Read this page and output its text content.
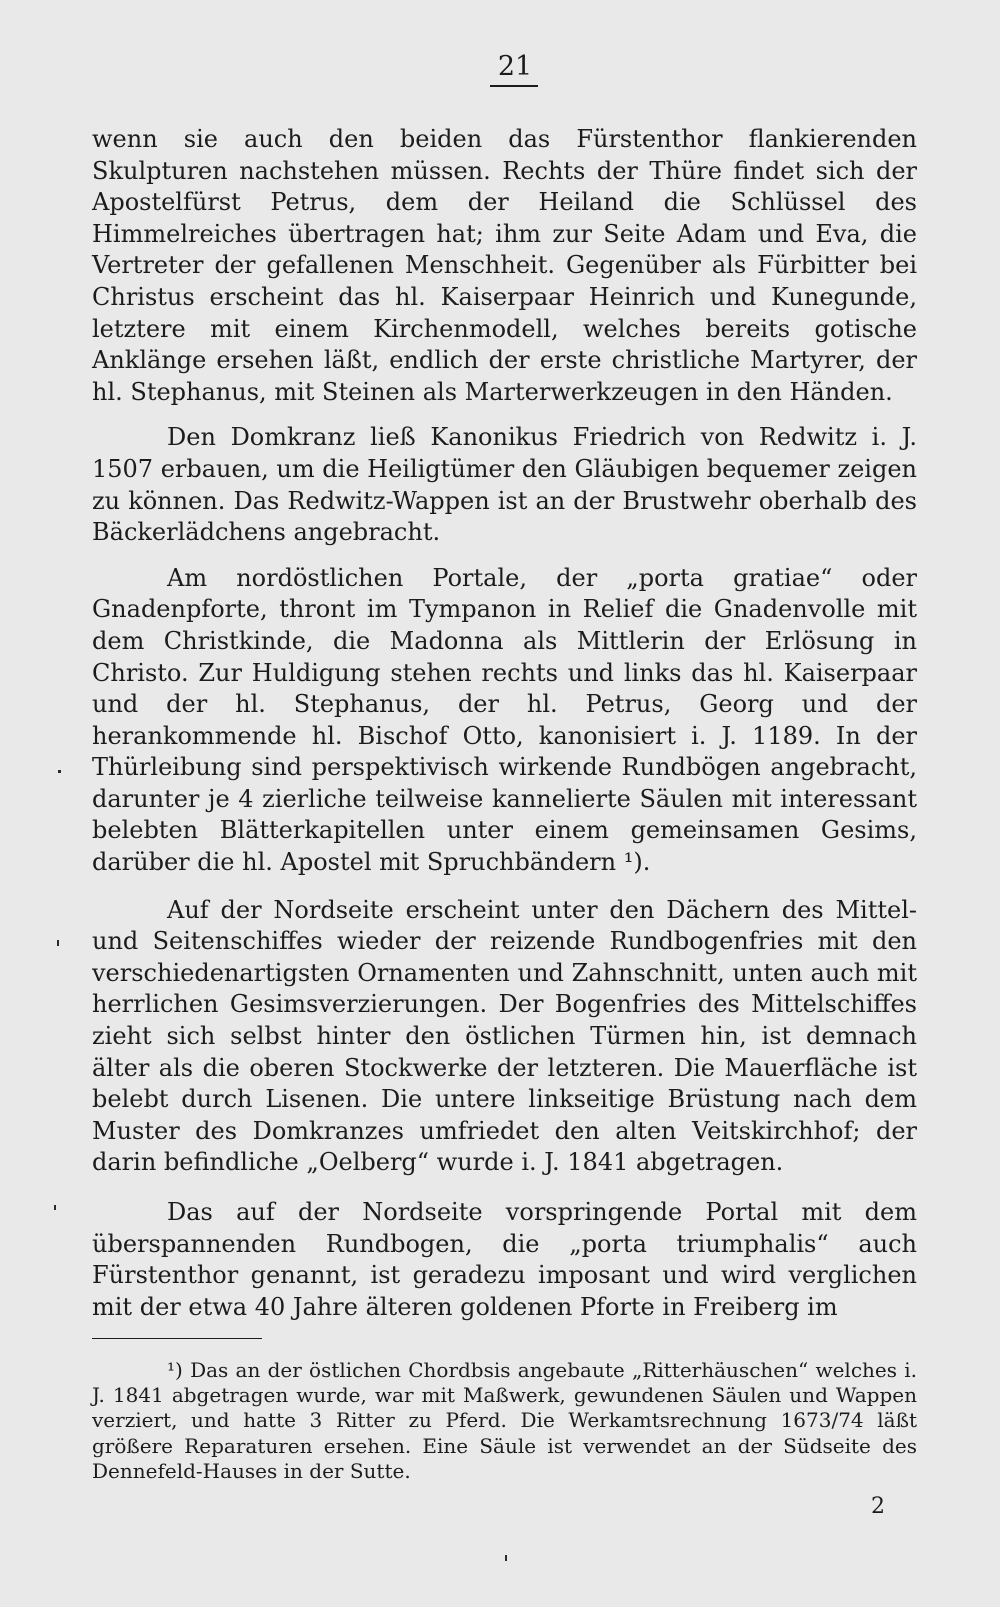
21

wenn sie auch den beiden das Fürstenthor flankierenden Skulpturen nachstehen müssen. Rechts der Thüre findet sich der Apostelfürst Petrus, dem der Heiland die Schlüssel des Himmelreiches übertragen hat; ihm zur Seite Adam und Eva, die Vertreter der gefallenen Menschheit. Gegenüber als Fürbitter bei Christus erscheint das hl. Kaiserpaar Heinrich und Kunegunde, letztere mit einem Kirchenmodell, welches bereits gotische Anklänge ersehen läßt, endlich der erste christliche Martyrer, der hl. Stephanus, mit Steinen als Marterwerkzeugen in den Händen.

Den Domkranz ließ Kanonikus Friedrich von Redwitz i. J. 1507 erbauen, um die Heiligtümer den Gläubigen bequemer zeigen zu können. Das Redwitz-Wappen ist an der Brustwehr oberhalb des Bäckerlädchens angebracht.

Am nordöstlichen Portale, der „porta gratiae“ oder Gnadenpforte, thront im Tympanon in Relief die Gnadenvolle mit dem Christkinde, die Madonna als Mittlerin der Erlösung in Christo. Zur Huldigung stehen rechts und links das hl. Kaiserpaar und der hl. Stephanus, der hl. Petrus, Georg und der herankommende hl. Bischof Otto, kanonisiert i. J. 1189. In der Thürleibung sind perspektivisch wirkende Rundbögen angebracht, darunter je 4 zierliche teilweise kannelierte Säulen mit interessant belebten Blätterkapitellen unter einem gemeinsamen Gesims, darüber die hl. Apostel mit Spruchbändern ¹).

Auf der Nordseite erscheint unter den Dächern des Mittel- und Seitenschiffes wieder der reizende Rundbogenfries mit den verschiedenartigsten Ornamenten und Zahnschnitt, unten auch mit herrlichen Gesimsverzierungen. Der Bogenfries des Mittelschiffes zieht sich selbst hinter den östlichen Türmen hin, ist demnach älter als die oberen Stockwerke der letzteren. Die Mauerfläche ist belebt durch Lisenen. Die untere linkseitige Brüstung nach dem Muster des Domkranzes umfriedet den alten Veitskirchhof; der darin befindliche „Oelberg“ wurde i. J. 1841 abgetragen.

Das auf der Nordseite vorspringende Portal mit dem überspannenden Rundbogen, die „porta triumphalis“ auch Fürstenthor genannt, ist geradezu imposant und wird verglichen mit der etwa 40 Jahre älteren goldenen Pforte in Freiberg im

¹) Das an der östlichen Chordbsis angebaute „Ritterhäuschen“ welches i. J. 1841 abgetragen wurde, war mit Maßwerk, gewundenen Säulen und Wappen verziert, und hatte 3 Ritter zu Pferd. Die Werkamtsrechnung 1673/74 läßt größere Reparaturen ersehen. Eine Säule ist verwendet an der Südseite des Dennefeld-Hauses in der Sutte.

2
